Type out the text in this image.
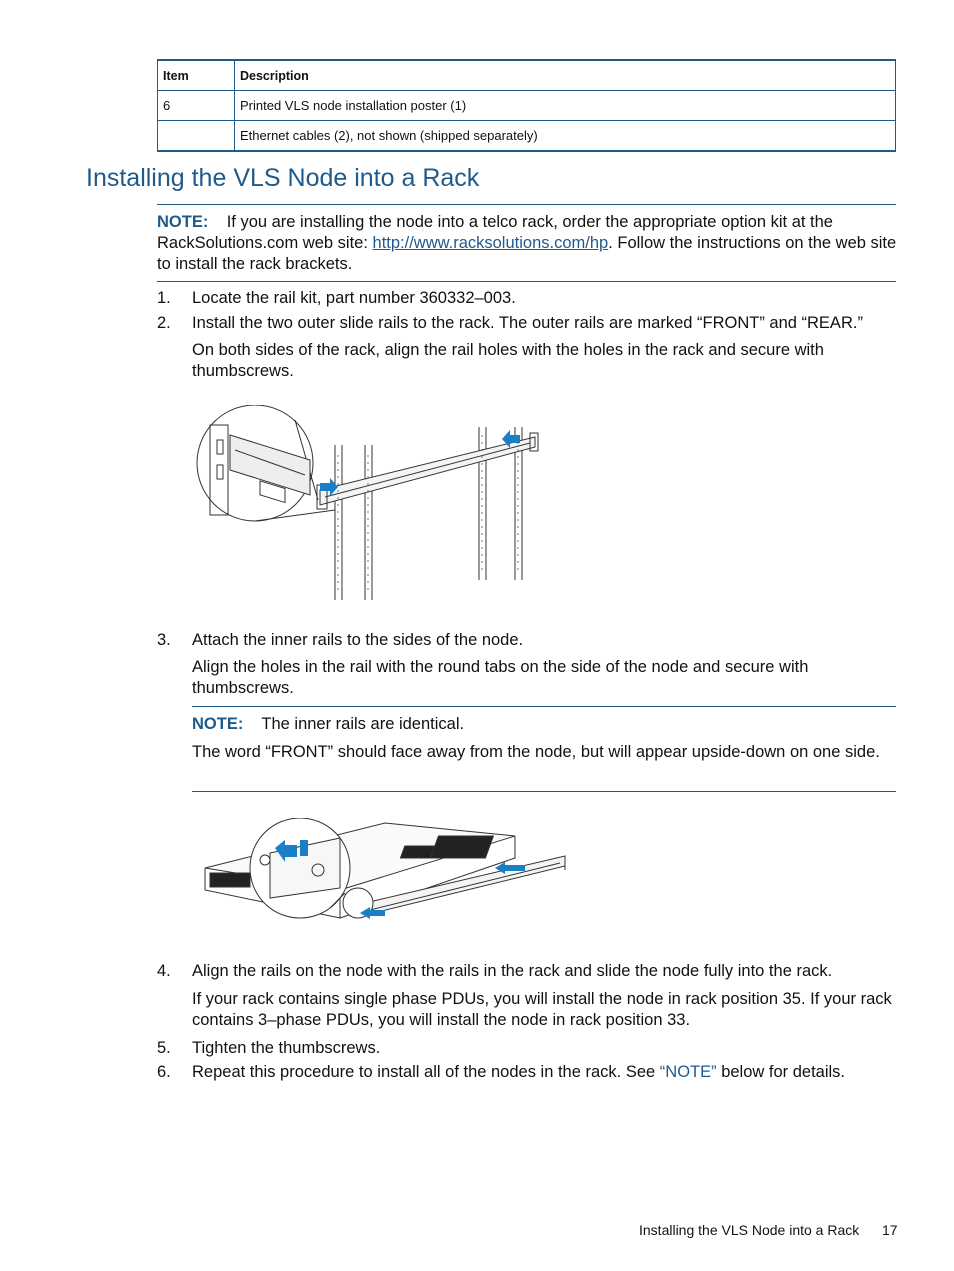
Item	Description
6	Printed VLS node installation poster (1)
	Ethernet cables (2), not shown (shipped separately)
Installing the VLS Node into a Rack
NOTE: If you are installing the node into a telco rack, order the appropriate option kit at the RackSolutions.com web site: http://www.racksolutions.com/hp. Follow the instructions on the web site to install the rack brackets.
1.	Locate the rail kit, part number 360332–003.
2.	Install the two outer slide rails to the rack. The outer rails are marked “FRONT” and “REAR.”
On both sides of the rack, align the rail holes with the holes in the rack and secure with thumbscrews.
3.	Attach the inner rails to the sides of the node.
Align the holes in the rail with the round tabs on the side of the node and secure with thumbscrews.
NOTE: The inner rails are identical.
The word “FRONT” should face away from the node, but will appear upside-down on one side.
4.	Align the rails on the node with the rails in the rack and slide the node fully into the rack.
If your rack contains single phase PDUs, you will install the node in rack position 35. If your rack contains 3–phase PDUs, you will install the node in rack position 33.
5.	Tighten the thumbscrews.
6.	Repeat this procedure to install all of the nodes in the rack. See “NOTE” below for details.
Installing the VLS Node into a Rack 17
